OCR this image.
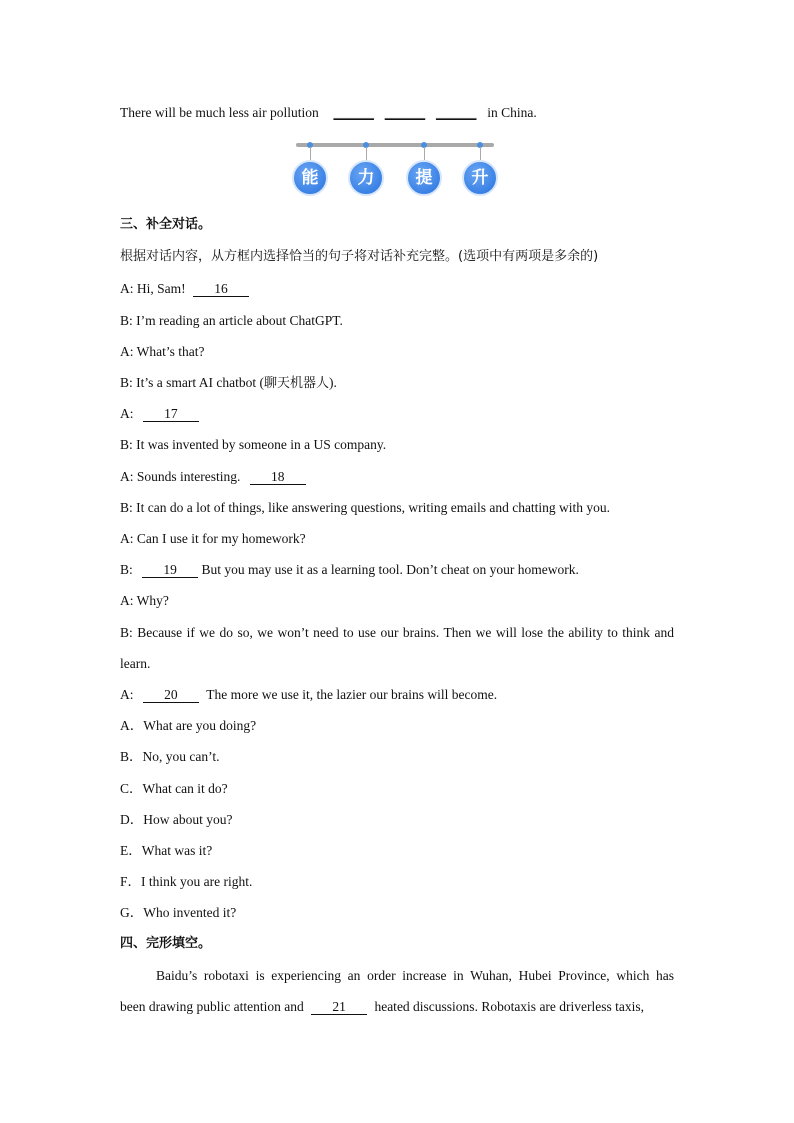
There will be much less air pollution ______ ______ ______ in China.
能	力	提	升
三、补全对话。
根据对话内容，从方框内选择恰当的句子将对话补充完整。(选项中有两项是多余的)
A: Hi, Sam! 16
B: I’m reading an article about ChatGPT.
A: What’s that?
B: It’s a smart AI chatbot (聊天机器人).
A: 17
B: It was invented by someone in a US company.
A: Sounds interesting. 18
B: It can do a lot of things, like answering questions, writing emails and chatting with you.
A: Can I use it for my homework?
B: 19 But you may use it as a learning tool. Don’t cheat on your homework.
A: Why?
B: Because if we do so, we won’t need to use our brains. Then we will lose the ability to think and
learn.
A: 20 The more we use it, the lazier our brains will become.
A．What are you doing?
B．No, you can’t.
C．What can it do?
D．How about you?
E．What was it?
F．I think you are right.
G．Who invented it?
四、完形填空。
Baidu’s robotaxi is experiencing an order increase in Wuhan, Hubei Province, which has
been drawing public attention and 21 heated discussions. Robotaxis are driverless taxis,
